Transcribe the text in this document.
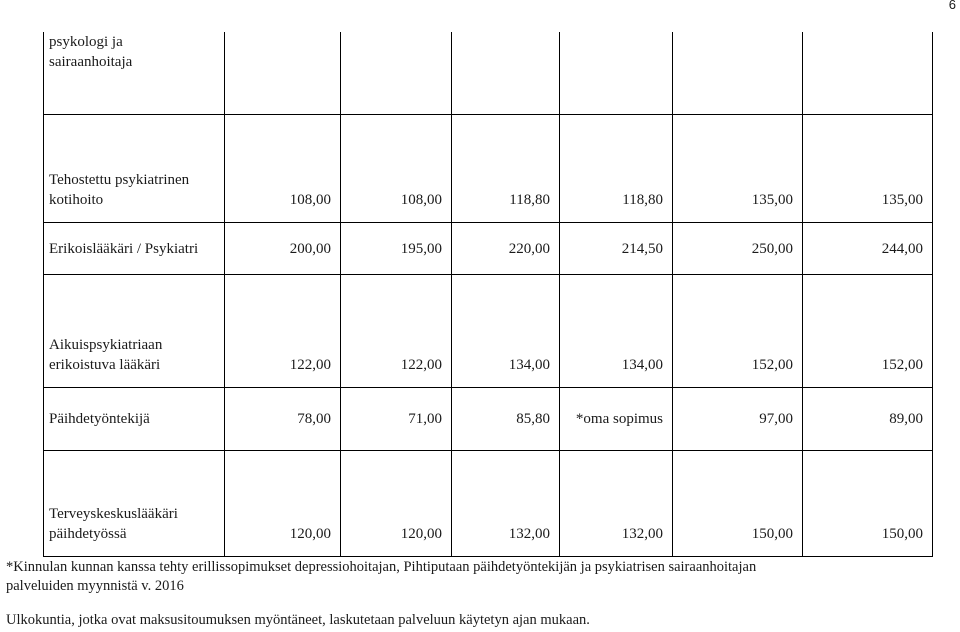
6
psykologi ja
sairaanhoitaja						

Tehostettu psykiatrinen
kotihoito	108,00	108,00	118,80	118,80	135,00	135,00

Erikoislääkäri / Psykiatri	200,00	195,00	220,00	214,50	250,00	244,00

Aikuispsykiatriaan
erikoistuva lääkäri	122,00	122,00	134,00	134,00	152,00	152,00

Päihdetyöntekijä	78,00	71,00	85,80	*oma sopimus	97,00	89,00

Terveyskeskuslääkäri
päihdetyössä	120,00	120,00	132,00	132,00	150,00	150,00
*Kinnulan kunnan kanssa tehty erillissopimukset depressiohoitajan, Pihtiputaan päihdetyöntekijän ja psykiatrisen sairaanhoitajan
palveluiden myynnistä v. 2016
Ulkokuntia, jotka ovat maksusitoumuksen myöntäneet, laskutetaan palveluun käytetyn ajan mukaan.
